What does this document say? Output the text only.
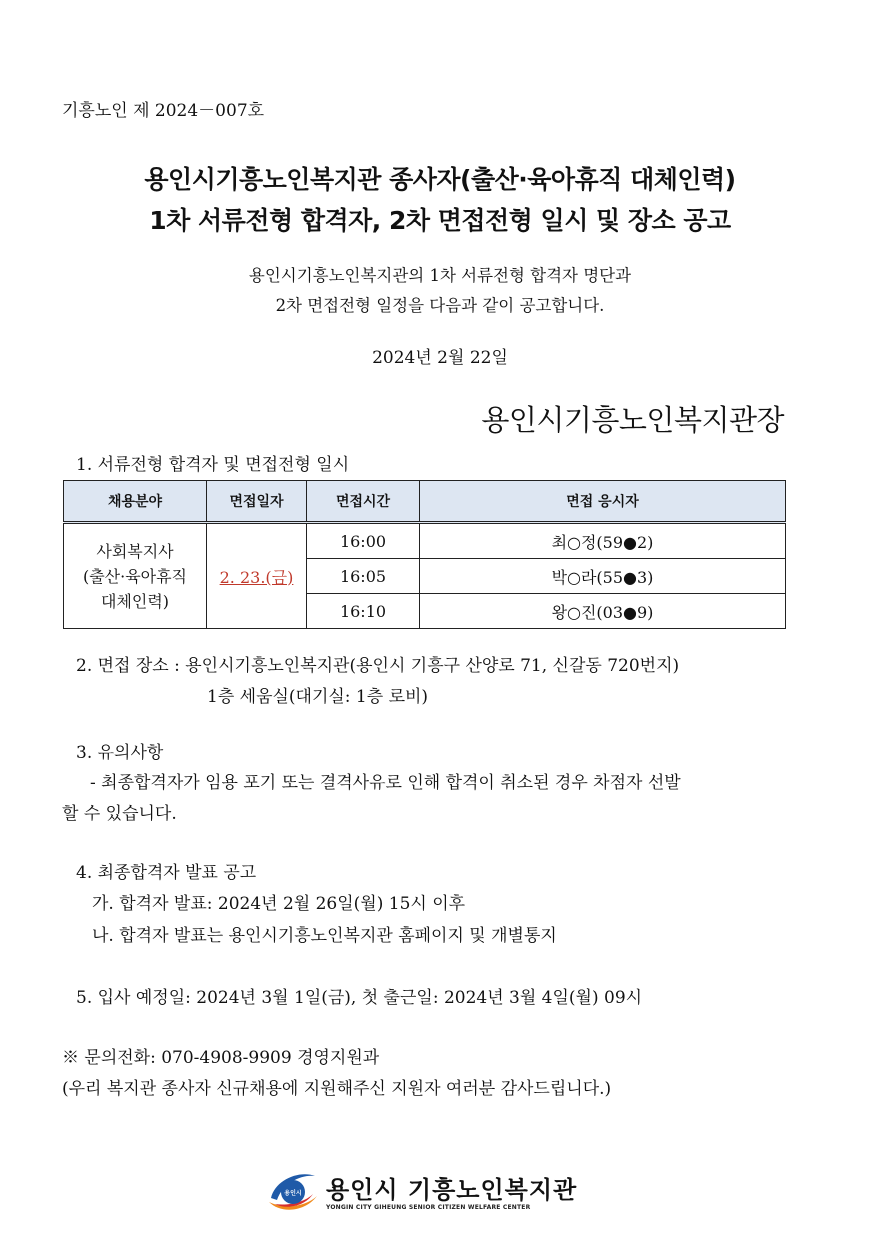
기흥노인 제 2024－007호
용인시기흥노인복지관 종사자(출산·육아휴직 대체인력)
1차 서류전형 합격자, 2차 면접전형 일시 및 장소 공고
용인시기흥노인복지관의 1차 서류전형 합격자 명단과
2차 면접전형 일정을 다음과 같이 공고합니다.
2024년 2월 22일
용인시기흥노인복지관장
1. 서류전형 합격자 및 면접전형 일시
채용분야	면접일자	면접시간	면접 응시자

사회복지사
(출산·육아휴직
대체인력)	2. 23.(금)	16:00	최○정(59●2)
		16:05	박○라(55●3)
		16:10	왕○진(03●9)
2. 면접 장소 : 용인시기흥노인복지관(용인시 기흥구 산양로 71, 신갈동 720번지)
1층 세움실(대기실: 1층 로비)
3. 유의사항
- 최종합격자가 임용 포기 또는 결격사유로 인해 합격이 취소된 경우 차점자 선발
할 수 있습니다.
4. 최종합격자 발표 공고
가. 합격자 발표: 2024년 2월 26일(월) 15시 이후
나. 합격자 발표는 용인시기흥노인복지관 홈페이지 및 개별통지
5. 입사 예정일: 2024년 3월 1일(금), 첫 출근일: 2024년 3월 4일(월) 09시
※ 문의전화: 070-4908-9909 경영지원과
(우리 복지관 종사자 신규채용에 지원해주신 지원자 여러분 감사드립니다.)
용인시 용인시 기흥노인복지관
YONGIN CITY GIHEUNG SENIOR CITIZEN WELFARE CENTER
